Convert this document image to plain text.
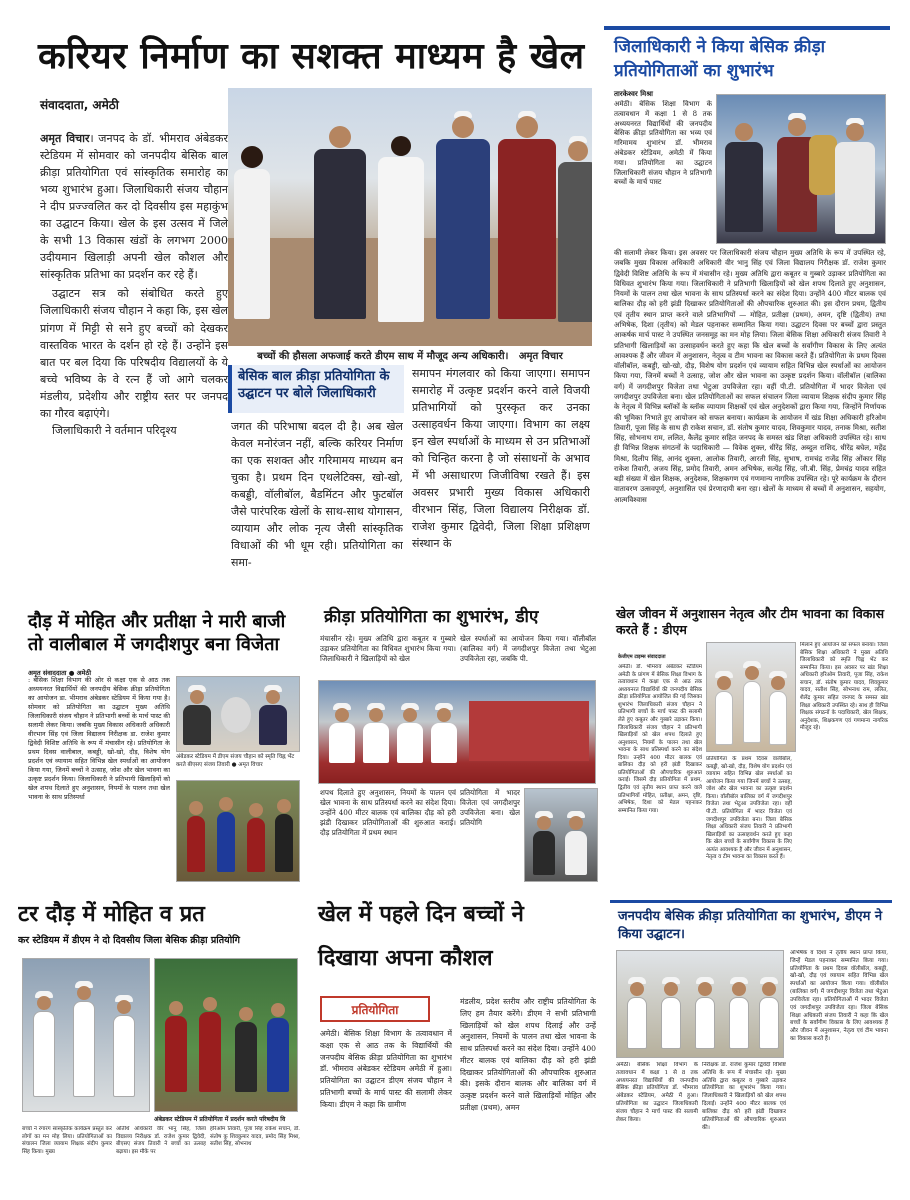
करियर निर्माण का सशक्त माध्यम है खेल
संवाददाता, अमेठी
अमृत विचार। जनपद के डॉ. भीमराव अंबेडकर स्टेडियम में सोमवार को जनपदीय बेसिक बाल क्रीड़ा प्रतियोगिता एवं सांस्कृतिक समारोह का भव्य शुभारंभ हुआ। जिलाधिकारी संजय चौहान ने दीप प्रज्ज्वलित कर दो दिवसीय इस महाकुंभ का उद्घाटन किया। खेल के इस उत्सव में जिले के सभी 13 विकास खंडों के लगभग 2000 उदीयमान खिलाड़ी अपनी खेल कौशल और सांस्कृतिक प्रतिभा का प्रदर्शन कर रहे हैं।
उद्घाटन सत्र को संबोधित करते हुए जिलाधिकारी संजय चौहान ने कहा कि, इस खेल प्रांगण में मिट्टी से सने हुए बच्चों को देखकर वास्तविक भारत के दर्शन हो रहे हैं। उन्होंने इस बात पर बल दिया कि परिषदीय विद्यालयों के ये बच्चे भविष्य के वे रत्न हैं जो आगे चलकर मंडलीय, प्रदेशीय और राष्ट्रीय स्तर पर जनपद का गौरव बढ़ाएंगे।
जिलाधिकारी ने वर्तमान परिदृश्य
बच्चों की हौसला अफजाई करते डीएम साथ में मौजूद अन्य अधिकारी। अमृत विचार
बेसिक बाल क्रीड़ा प्रतियोगिता के उद्घाटन पर बोले जिलाधिकारी
जगत की परिभाषा बदल दी है। अब खेल केवल मनोरंजन नहीं, बल्कि करियर निर्माण का एक सशक्त और गरिमामय माध्यम बन चुका है। प्रथम दिन एथलेटिक्स, खो-खो, कबड्डी, वॉलीबॉल, बैडमिंटन और फुटबॉल जैसे पारंपरिक खेलों के साथ-साथ योगासन, व्यायाम और लोक नृत्य जैसी सांस्कृतिक विधाओं की भी धूम रही। प्रतियोगिता का समा-
समापन मंगलवार को किया जाएगा। समापन समारोह में उत्कृष्ट प्रदर्शन करने वाले विजयी प्रतिभागियों को पुरस्कृत कर उनका उत्साहवर्धन किया जाएगा। विभाग का लक्ष्य इन खेल स्पर्धाओं के माध्यम से उन प्रतिभाओं को चिन्हित करना है जो संसाधनों के अभाव में भी असाधारण जिजीविषा रखते हैं। इस अवसर प्रभारी मुख्य विकास अधिकारी वीरभान सिंह, जिला विद्यालय निरीक्षक डॉ. राजेश कुमार द्विवेदी, जिला शिक्षा प्रशिक्षण संस्थान के
जिलाधिकारी ने किया बेसिक क्रीड़ा प्रतियोगिताओं का शुभारंभ
तारकेश्वर मिश्रा
अमेठी। बेसिक शिक्षा विभाग के तत्वावधान में कक्षा 1 से 8 तक अध्ययनरत विद्यार्थियों की जनपदीय बेसिक क्रीड़ा प्रतियोगिता का भव्य एवं गरिमामय शुभारंभ डॉ. भीमराव अंबेडकर स्टेडियम, अमेठी में किया गया। प्रतियोगिता का उद्घाटन जिलाधिकारी संजय चौहान ने प्रतिभागी बच्चों के मार्च पास्ट
की सलामी लेकर किया। इस अवसर पर जिलाधिकारी संजय चौहान मुख्य अतिथि के रूप में उपस्थित रहे, जबकि मुख्य विकास अधिकारी अधिकारी वीर भानु सिंह एवं जिला विद्यालय निरीक्षक डॉ. राजेश कुमार द्विवेदी विशिष्ट अतिथि के रूप में मंचासीन रहे। मुख्य अतिथि द्वारा कबूतर व गुब्बारे उड़ाकर प्रतियोगिता का विधिवत शुभारंभ किया गया। जिलाधिकारी ने प्रतिभागी खिलाड़ियों को खेल शपथ दिलाते हुए अनुशासन, नियमों के पालन तथा खेल भावना के साथ प्रतिस्पर्धा करने का संदेश दिया। उन्होंने 400 मीटर बालक एवं बालिका दौड़ को हरी झंडी दिखाकर प्रतियोगिताओं की औपचारिक शुरुआत की। इस दौरान प्रथम, द्वितीय एवं तृतीय स्थान प्राप्त करने वाले प्रतिभागियों — मोहित, प्रतीक्षा (प्रथम), अमन, दृष्टि (द्वितीय) तथा अभिषेक, दिशा (तृतीय) को मेडल पहनाकर सम्मानित किया गया। उद्घाटन दिवस पर बच्चों द्वारा प्रस्तुत आकर्षक मार्च पास्ट ने उपस्थित जनसमूह का मन मोह लिया। जिला बेसिक शिक्षा अधिकारी संजय तिवारी ने प्रतिभागी खिलाड़ियों का उत्साहवर्धन करते हुए कहा कि खेल बच्चों के सर्वांगीण विकास के लिए अत्यंत आवश्यक हैं और जीवन में अनुशासन, नेतृत्व व टीम भावना का विकास करते हैं। प्रतियोगिता के प्रथम दिवस वॉलीबॉल, कबड्डी, खो-खो, दौड़, विशेष योग प्रदर्शन एवं व्यायाम सहित विभिन्न खेल स्पर्धाओं का आयोजन किया गया, जिनमें बच्चों ने उत्साह, जोश और खेल भावना का उत्कृष्ट प्रदर्शन किया। वॉलीबॉल (बालिका वर्ग) में जगदीशपुर विजेता तथा भेटुआ उपविजेता रहा। वहीं पी.टी. प्रतियोगिता में भादर विजेता एवं जगदीशपुर उपविजेता बना। खेल प्रतियोगिताओं का सफल संचालन जिला व्यायाम शिक्षक संदीप कुमार सिंह के नेतृत्व में विभिन्न ब्लॉकों के ब्लॉक व्यायाम शिक्षकों एवं खेल अनुदेशकों द्वारा किया गया, जिन्होंने निर्णायक की भूमिका निभाते हुए आयोजन को सफल बनाया। कार्यक्रम के आयोजन में खंड शिक्षा अधिकारी हरिओम तिवारी, पूजा सिंह के साथ ही राकेश सचान, डॉ. संतोष कुमार यादव, शिवकुमार यादव, तनाक मिश्रा, सतीश सिंह, सोभनाथ राम, ललित, कैलेंद्र कुमार सहित जनपद के समस्त खंड शिक्षा अधिकारी उपस्थित रहे। साथ ही विभिन्न शिक्षक संगठनों के पदाधिकारी — विवेक शुक्ल, धीरेंद्र सिंह, अब्दुल राशिद, धीरेंद्र बघेल, महेंद्र मिश्रा, दिलीप सिंह, आनंद शुक्ला, आलोक तिवारी, आरती सिंह, सुभाष, रामचंद्र राजेंद्र सिंह ओंकार सिंह राकेश तिवारी, अजय सिंह, प्रमोद तिवारी, अमन अभिषेक, सत्येंद्र सिंह, जी.बी. सिंह, प्रेमचंद्र यादव सहित बड़ी संख्या में खेल शिक्षक, अनुदेशक, शिक्षकगण एवं गणमान्य नागरिक उपस्थित रहे। पूरे कार्यक्रम के दौरान वातावरण उत्सवपूर्ण, अनुशासित एवं प्रेरणादायी बना रहा। खेलों के माध्यम से बच्चों में अनुशासन, सहयोग, आत्मविश्वास
दौड़ में मोहित और प्रतीक्षा ने मारी बाजी तो वालीबाल में जगदीशपुर बना विजेता
अमृत संवाददाता ● अमेठी
: बेसिक शिक्षा विभाग की ओर से कक्षा एक से आठ तक अध्ययनरत विद्यार्थियों की जनपदीय बेसिक क्रीड़ा प्रतियोगिता का आयोजन डा. भीमराव अंबेडकर स्टेडियम में किया गया है। सोमवार को प्रतियोगिता का उद्घाटन मुख्य अतिथि जिलाधिकारी संजय चौहान ने प्रतिभागी बच्चों के मार्च पास्ट की सलामी लेकर किया। जबकि मुख्य विकास अधिकारी अधिकारी वीरभान सिंह एवं जिला विद्यालय निरीक्षक डा. राजेश कुमार द्विवेदी विशिष्ट अतिथि के रूप में मंचासीन रहे। प्रतियोगिता के प्रथम दिवस वालीबाल, कबड्डी, खो-खो, दौड़, विशेष योग प्रदर्शन एवं व्यायाम सहित विभिन्न खेल स्पर्धाओं का आयोजन किया गया, जिनमें बच्चों ने उत्साह, जोश और खेल भावना का उत्कृष्ट प्रदर्शन किया। जिलाधिकारी ने प्रतिभागी खिलाड़ियों को खेल शपथ दिलाते हुए अनुशासन, नियमों के पालन तथा खेल भावना के साथ प्रतिस्पर्धा
अंबेडकर स्टेडियम में डीएम संजय चौहान को स्मृति चिह्न भेंट करते बीएसए संजय तिवारी ● अमृत विचार
क्रीड़ा प्रतियोगिता का शुभारंभ, डीए
मंचासीन रहे। मुख्य अतिथि द्वारा कबूतर व गुब्बारे उड़ाकर प्रतियोगिता का विधिवत शुभारंभ किया गया। जिलाधिकारी ने खिलाड़ियों को खेल
खेल स्पर्धाओं का आयोजन किया गया। वॉलीबॉल (बालिका वर्ग) में जगदीशपुर विजेता तथा भेटुआ उपविजेता रहा, जबकि पी.
शपथ दिलाते हुए अनुशासन, नियमों के पालन एवं खेल भावना के साथ प्रतिस्पर्धा करने का संदेश दिया। उन्होंने 400 मीटर बालक एवं बालिका दौड़ को हरी झंडी दिखाकर प्रतियोगिताओं की शुरुआत कराई। दौड़ प्रतियोगिता में प्रथम स्थान
प्रतियोगिता में भादर विजेता एवं जगदीशपुर उपविजेता बना। खेल प्रतियोगि
खेल जीवन में अनुशासन नेतृत्व और टीम भावना का विकास करते हैं : डीएम
केजीएम टाइम्स संवाददाता
अमेठी। डॉ. भीमराव अंबेडकर स्टेडियम अमेठी के प्रांगण में बेसिक शिक्षा विभाग के तत्वावधान में कक्षा एक से आठ तक अध्ययनरत विद्यार्थियों की जनपदीय बेसिक क्रीड़ा प्रतियोगिता आयोजित की गई जिसका शुभारंभ जिलाधिकारी संजय चौहान ने प्रतिभागी बच्चों के मार्च पास्ट की सलामी लेते हुए कबूतर और गुब्बारे उड़ाकर किया। जिलाधिकारी संजय चौहान ने प्रतिभागी खिलाड़ियों को खेल शपथ दिलाते हुए अनुशासन, नियमों के पालन तथा खेल भावना के साथ प्रतिस्पर्धा करने का संदेश दिया। उन्होंने 400 मीटर बालक एवं बालिका दौड़ को हरी झंडी दिखाकर प्रतियोगिताओं की औपचारिक शुरुआत कराई। जिसमें दौड़ प्रतियोगिता में प्रथम, द्वितीय एवं तृतीय स्थान प्राप्त करने वाले प्रतिभागियों मोहित, प्रतीक्षा, अमन, दृष्टि, अभिषेक, दिशा को मेडल पहनाकर सम्मानित किया गया।
प्रतियोगिता के प्रथम दिवस वालीबॉल, कबड्डी, खो-खो, दौड़, विशेष योग प्रदर्शन एवं व्यायाम सहित विभिन्न खेल स्पर्धाओं का आयोजन किया गया जिनमें बच्चों ने उत्साह, जोश और खेल भावना का उत्कृष्ट प्रदर्शन किया। वॉलीबॉल बालिका वर्ग में जगदीशपुर विजेता तथा भेटुआ उपविजेता रहा। वहीं पी.टी. प्रतियोगिता में भादर विजेता एवं जगदीशपुर उपविजेता बना। जिला बेसिक शिक्षा अधिकारी संजय तिवारी ने प्रतिभागी खिलाड़ियों का उत्साहवर्धन करते हुए कहा कि खेल बच्चों के सर्वांगीण विकास के लिए अत्यंत आवश्यक है और जीवन में अनुशासन, नेतृत्व व टीम भावना का विकास करते हैं।
मिलाने हुए आयोजन को सफल बनाया। जिला बेसिक शिक्षा अधिकारी ने मुख्य अतिथि जिलाधिकारी को स्मृति चिह्न भेंट कर सम्मानित किया। इस अवसर पर खंड शिक्षा अधिकारी हरिओम तिवारी, पूजा सिंह, राकेश सचान, डॉ. संतोष कुमार यादव, शिवकुमार यादव, सतीश सिंह, सोभनाथ राम, ललित, शैलेंद्र कुमार सहित जनपद के समस्त खंड शिक्षा अधिकारी उपस्थित रहे। साथ ही विभिन्न शिक्षक संगठनों के पदाधिकारी, खेल शिक्षक, अनुदेशक, शिक्षकगण एवं गणमान्य नागरिक मौजूद रहे।
टर दौड़ में मोहित व प्रत
कर स्टेडियम में डीएम ने दो दिवसीय जिला बेसिक क्रीड़ा प्रतियोगि
अंबेडकर स्टेडियम में प्रतियोगिता में प्रदर्शन करते परिषदीय वि
बच्चों ने रंगारंग सांस्कृतिक कार्यक्रम प्रस्तुत कर लोगों का मन मोह लिया। प्रतियोगिताओं का संचालन जिला व्यायाम शिक्षक संदीप कुमार सिंह किया। मुख्य
अतिथि अधिकारी वीर भानु सिंह, जिला विद्यालय निरीक्षक डॉ. राजेश कुमार द्विवेदी, बीएसए संजय तिवारी ने बच्चों का उत्साह बढ़ाया। इस मौके पर
हरिओम तिवारी, पूजा सिंह राकेश सचान, डॉ. संतोष कु शिवकुमार यादव, प्रमोद सिंह मिश्रा, सतीश सिंह, सोभनाथ
खेल में पहले दिन बच्चों ने
दिखाया अपना कौशल
प्रतियोगिता
अमेठी। बेसिक शिक्षा विभाग के तत्वावधान में कक्षा एक से आठ तक के विद्यार्थियों की जनपदीय बेसिक क्रीड़ा प्रतियोगिता का शुभारंभ डॉ. भीमराव अंबेडकर स्टेडियम अमेठी में हुआ। प्रतियोगिता का उद्घाटन डीएम संजय चौहान ने प्रतिभागी बच्चों के मार्च पास्ट की सलामी लेकर किया। डीएम ने कहा कि ग्रामीण
मंडलीय, प्रदेश स्तरीय और राष्ट्रीय प्रतियोगिता के लिए हम तैयार करेंगे। डीएम ने सभी प्रतिभागी खिलाड़ियों को खेल शपथ दिलाई और उन्हें अनुशासन, नियमों के पालन तथा खेल भावना के साथ प्रतिस्पर्धा करने का संदेश दिया। उन्होंने 400 मीटर बालक एवं बालिका दौड़ को हरी झंडी दिखाकर प्रतियोगिताओं की औपचारिक शुरुआत की। इसके दौरान बालक और बालिका वर्ग में उत्कृष्ट प्रदर्शन करने वाले खिलाड़ियों मोहित और प्रतीक्षा (प्रथम), अमन
जनपदीय बेसिक क्रीड़ा प्रतियोगिता का शुभारंभ, डीएम ने किया उद्घाटन।
अभिषेक व दिशा ने तृतीय स्थान प्राप्त किया, जिन्हें मेडल पहनाकर सम्मानित किया गया। प्रतियोगिता के प्रथम दिवस वॉलीबॉल, कबड्डी, खो-खो, दौड़ एवं व्यायाम सहित विभिन्न खेल स्पर्धाओं का आयोजन किया गया। वॉलीबॉल (बालिका वर्ग) में जगदीशपुर विजेता तथा भेटुआ उपविजेता रहा। प्रतियोगिताओं में भादर विजेता एवं जगदीशपुर उपविजेता रहा। जिला बेसिक शिक्षा अधिकारी संजय तिवारी ने कहा कि खेल बच्चों के सर्वांगीण विकास के लिए आवश्यक हैं और जीवन में अनुशासन, नेतृत्व एवं टीम भावना का विकास करते हैं।
अमेठी। बेसिक शिक्षा विभाग के तत्वावधान में कक्षा 1 से 8 तक अध्ययनरत विद्यार्थियों की जनपदीय बेसिक क्रीड़ा प्रतियोगिता डॉ. भीमराव अंबेडकर स्टेडियम, अमेठी में हुआ। प्रतियोगिता का उद्घाटन जिलाधिकारी संजय चौहान ने मार्च पास्ट की सलामी लेकर किया।
निरीक्षक डॉ. राजेश कुमार द्विवेदी विशिष्ट अतिथि के रूप में मंचासीन रहे। मुख्य अतिथि द्वारा कबूतर व गुब्बारे उड़ाकर प्रतियोगिता का शुभारंभ किया गया। जिलाधिकारी ने खिलाड़ियों को खेल शपथ दिलाई। उन्होंने 400 मीटर बालक एवं बालिका दौड़ को हरी झंडी दिखाकर प्रतियोगिताओं की औपचारिक शुरुआत की।
